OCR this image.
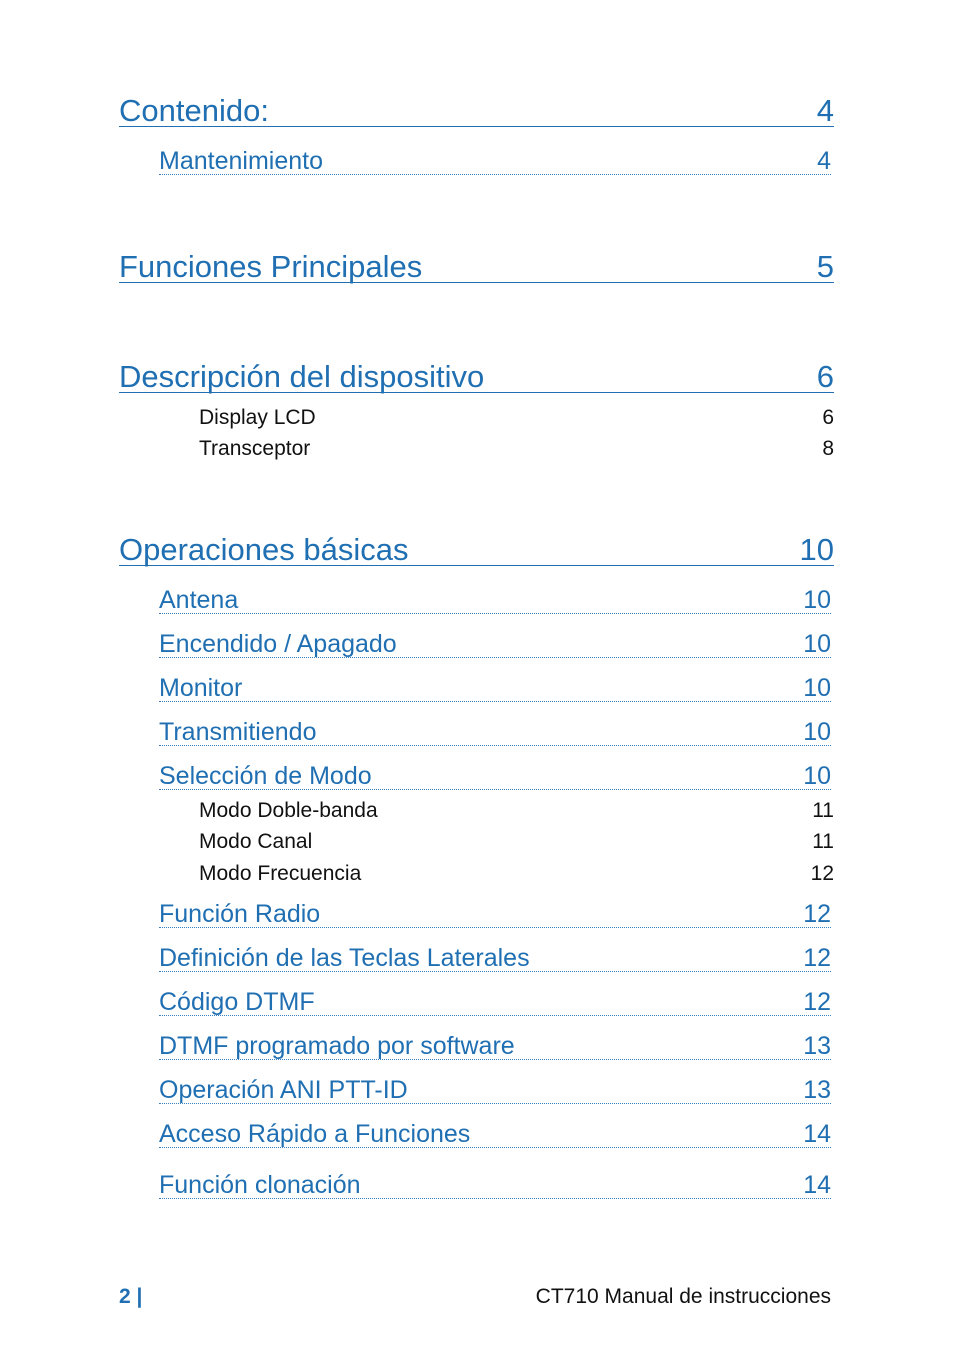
Contenido:	4
Mantenimiento	4
Funciones Principales	5
Descripción del dispositivo	6
Display LCD	6
Transceptor	8
Operaciones básicas	10
Antena	10
Encendido / Apagado	10
Monitor	10
Transmitiendo	10
Selección de Modo	10
Modo Doble-banda	11
Modo Canal	11
Modo Frecuencia	12
Función Radio	12
Definición de las Teclas Laterales	12
Código DTMF	12
DTMF programado por software	13
Operación ANI PTT-ID	13
Acceso Rápido a Funciones	14
Función clonación	14
2 |	CT710 Manual de instrucciones
